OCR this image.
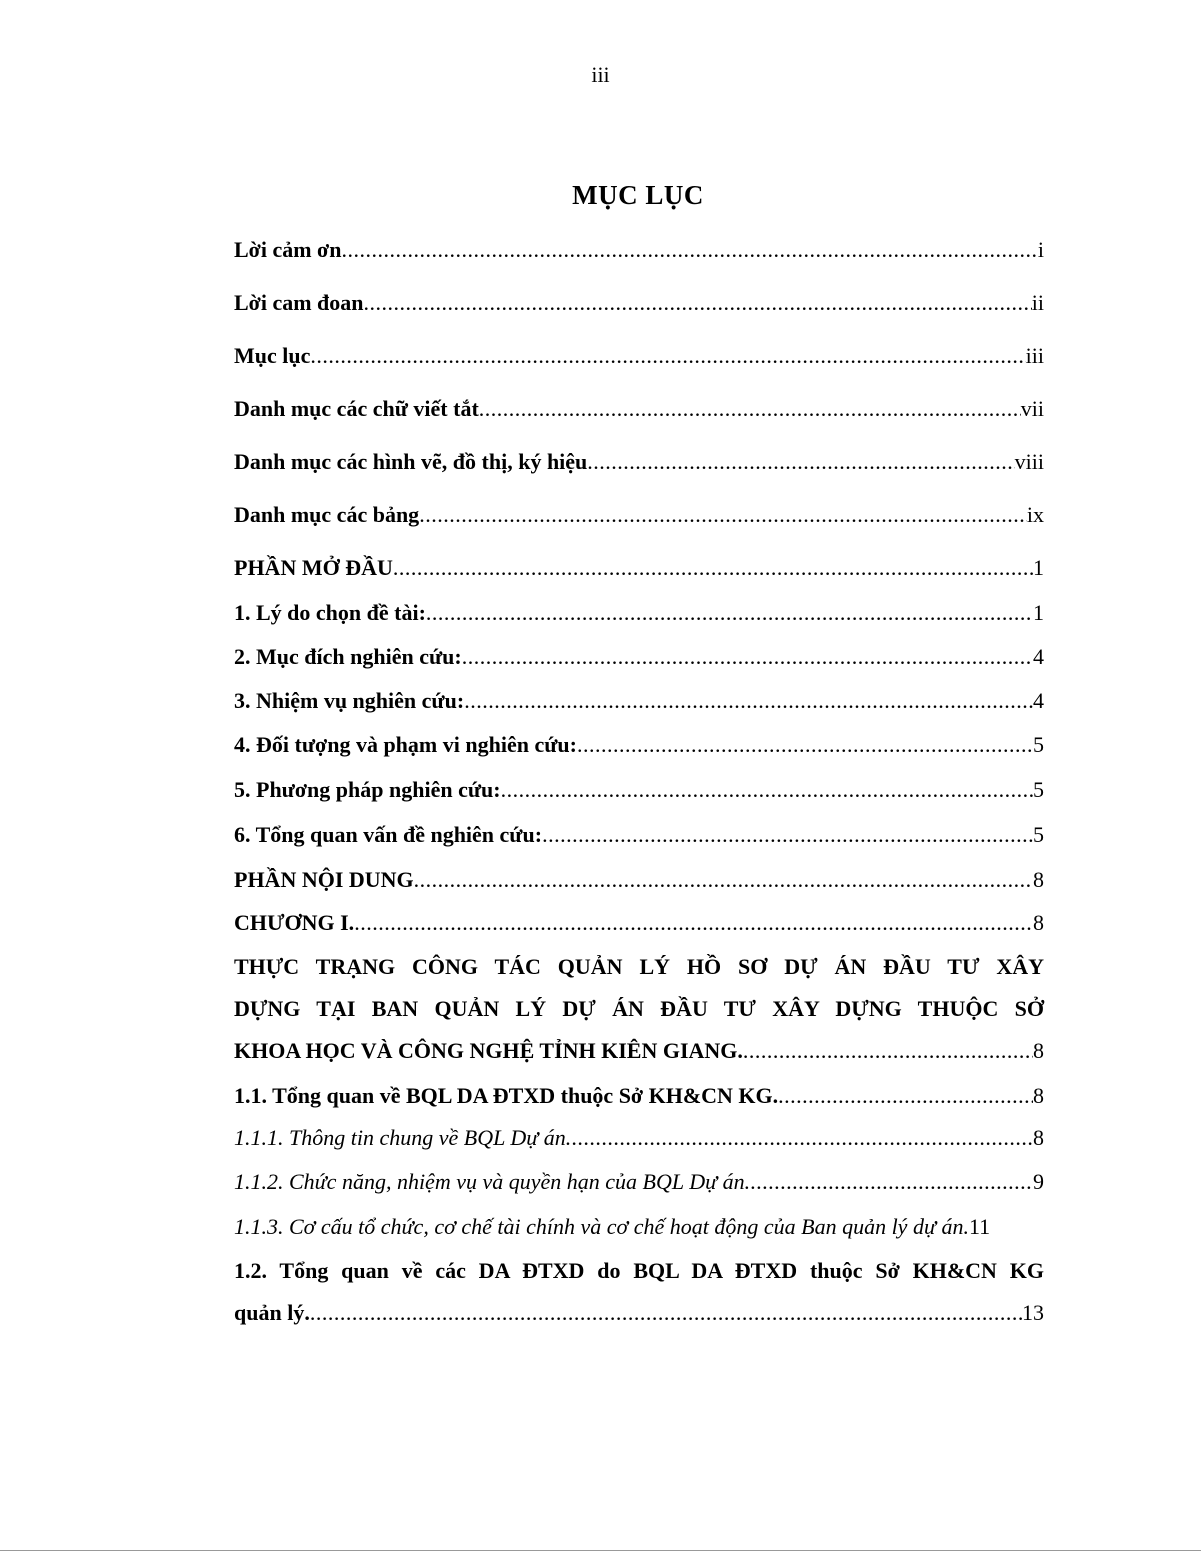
iii
MỤC LỤC
Lời cảm ơn .....	i
Lời cam đoan .....	ii
Mục lục .....	iii
Danh mục các chữ viết tắt .....	vii
Danh mục các hình vẽ, đồ thị, ký hiệu .....	viii
Danh mục các bảng .....	ix
PHẦN MỞ ĐẦU .....	1
1. Lý do chọn đề tài: .....	1
2. Mục đích nghiên cứu: .....	4
3. Nhiệm vụ nghiên cứu: .....	4
4. Đối tượng và phạm vi nghiên cứu: .....	5
5. Phương pháp nghiên cứu: .....	5
6. Tổng quan vấn đề nghiên cứu: .....	5
PHẦN NỘI DUNG .....	8
CHƯƠNG I. .....	8
THỰC TRẠNG CÔNG TÁC QUẢN LÝ HỒ SƠ DỰ ÁN ĐẦU TƯ XÂY
DỰNG TẠI BAN QUẢN LÝ DỰ ÁN ĐẦU TƯ XÂY DỰNG THUỘC SỞ
KHOA HỌC VÀ CÔNG NGHỆ TỈNH KIÊN GIANG. .....	8
1.1. Tổng quan về BQL DA ĐTXD thuộc Sở KH&CN KG. .....	8
1.1.1. Thông tin chung về BQL Dự án. .....	8
1.1.2. Chức năng, nhiệm vụ và quyền hạn của BQL Dự án. .....	9
1.1.3. Cơ cấu tổ chức, cơ chế tài chính và cơ chế hoạt động của Ban quản lý dự án. 11
1.2. Tổng quan về các DA ĐTXD do BQL DA ĐTXD thuộc Sở KH&CN KG
quản lý. .....	13
